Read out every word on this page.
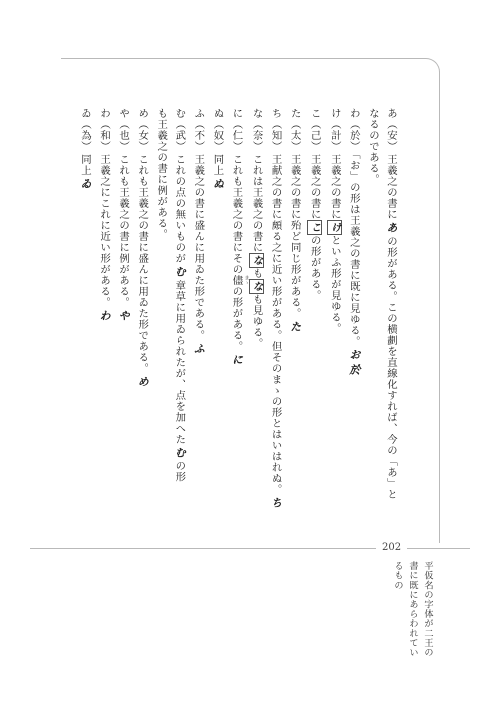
あ（安）王羲之の書にあの形がある。この横劃を直線化すれば、今の「あ」と
なるのである。
わ（於）「お」の形は王羲之の書に既に見ゆる。お於
け（計）王羲之の書にけといふ形が見ゆる。
こ（己）王羲之の書にこの形がある。
た（太）王羲之の書に殆ど同じ形がある。た
ち（知）王献之の書に頗る之に近い形がある。但そのまゝの形とはいはれぬ。ち
な（奈）これは王羲之の書になもなも見ゆる。
に（仁）これも王羲之の書にその儘 まゝ
の形がある。に
ぬ（奴）同上ぬ
ふ（不）王羲之の書に盛んに用ゐた形である。ふ
む（武）これの点の無いものがむ章草に用ゐられたが、点を加へたむの形
も王羲之の書に例がある。
め（女）これも王羲之の書に盛んに用ゐた形である。め
や（也）これも王羲之の書に例がある。や
わ（和）王羲之にこれに近い形がある。わ
ゐ（為）同上ゐ
202
平仮名の字体が二王の
書に既にあらわれてい
るもの
